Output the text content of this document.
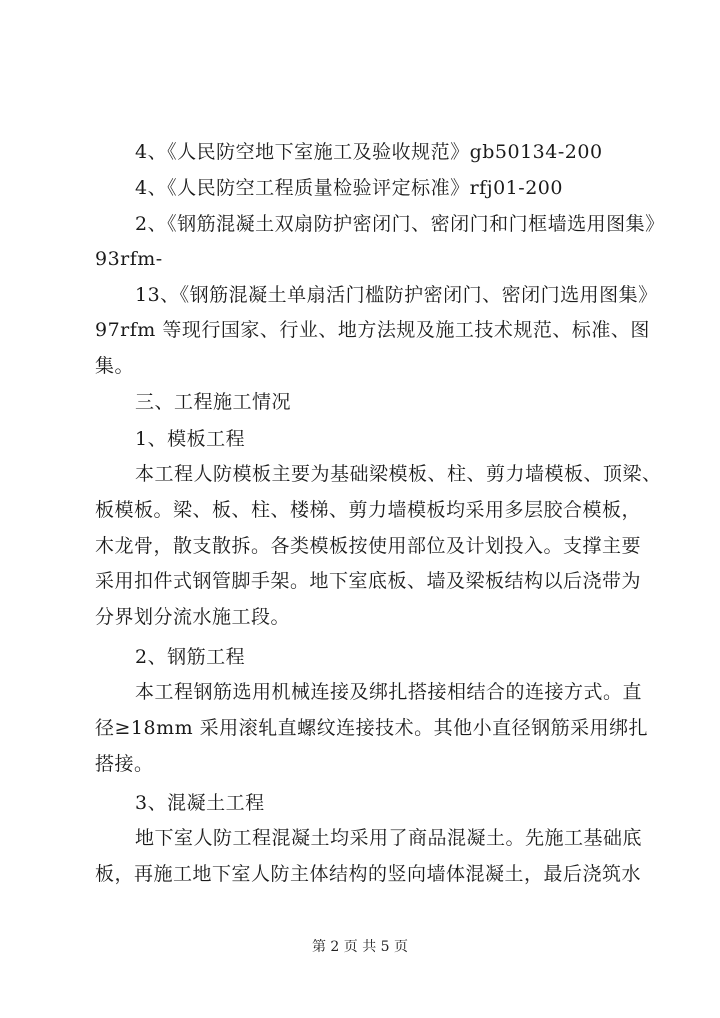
4、《人民防空地下室施工及验收规范》gb50134-200
4、《人民防空工程质量检验评定标准》rfj01-200
2、《钢筋混凝土双扇防护密闭门、密闭门和门框墙选用图集》
93rfm-
13、《钢筋混凝土单扇活门槛防护密闭门、密闭门选用图集》
97rfm 等现行国家、行业、地方法规及施工技术规范、标准、图
集。
三、工程施工情况
1、模板工程
本工程人防模板主要为基础梁模板、柱、剪力墙模板、顶梁、
板模板。梁、板、柱、楼梯、剪力墙模板均采用多层胶合模板，
木龙骨，散支散拆。各类模板按使用部位及计划投入。支撑主要
采用扣件式钢管脚手架。地下室底板、墙及梁板结构以后浇带为
分界划分流水施工段。
2、钢筋工程
本工程钢筋选用机械连接及绑扎搭接相结合的连接方式。直
径≥18mm 采用滚轧直螺纹连接技术。其他小直径钢筋采用绑扎
搭接。
3、混凝土工程
地下室人防工程混凝土均采用了商品混凝土。先施工基础底
板，再施工地下室人防主体结构的竖向墙体混凝土，最后浇筑水
第 2 页 共 5 页
